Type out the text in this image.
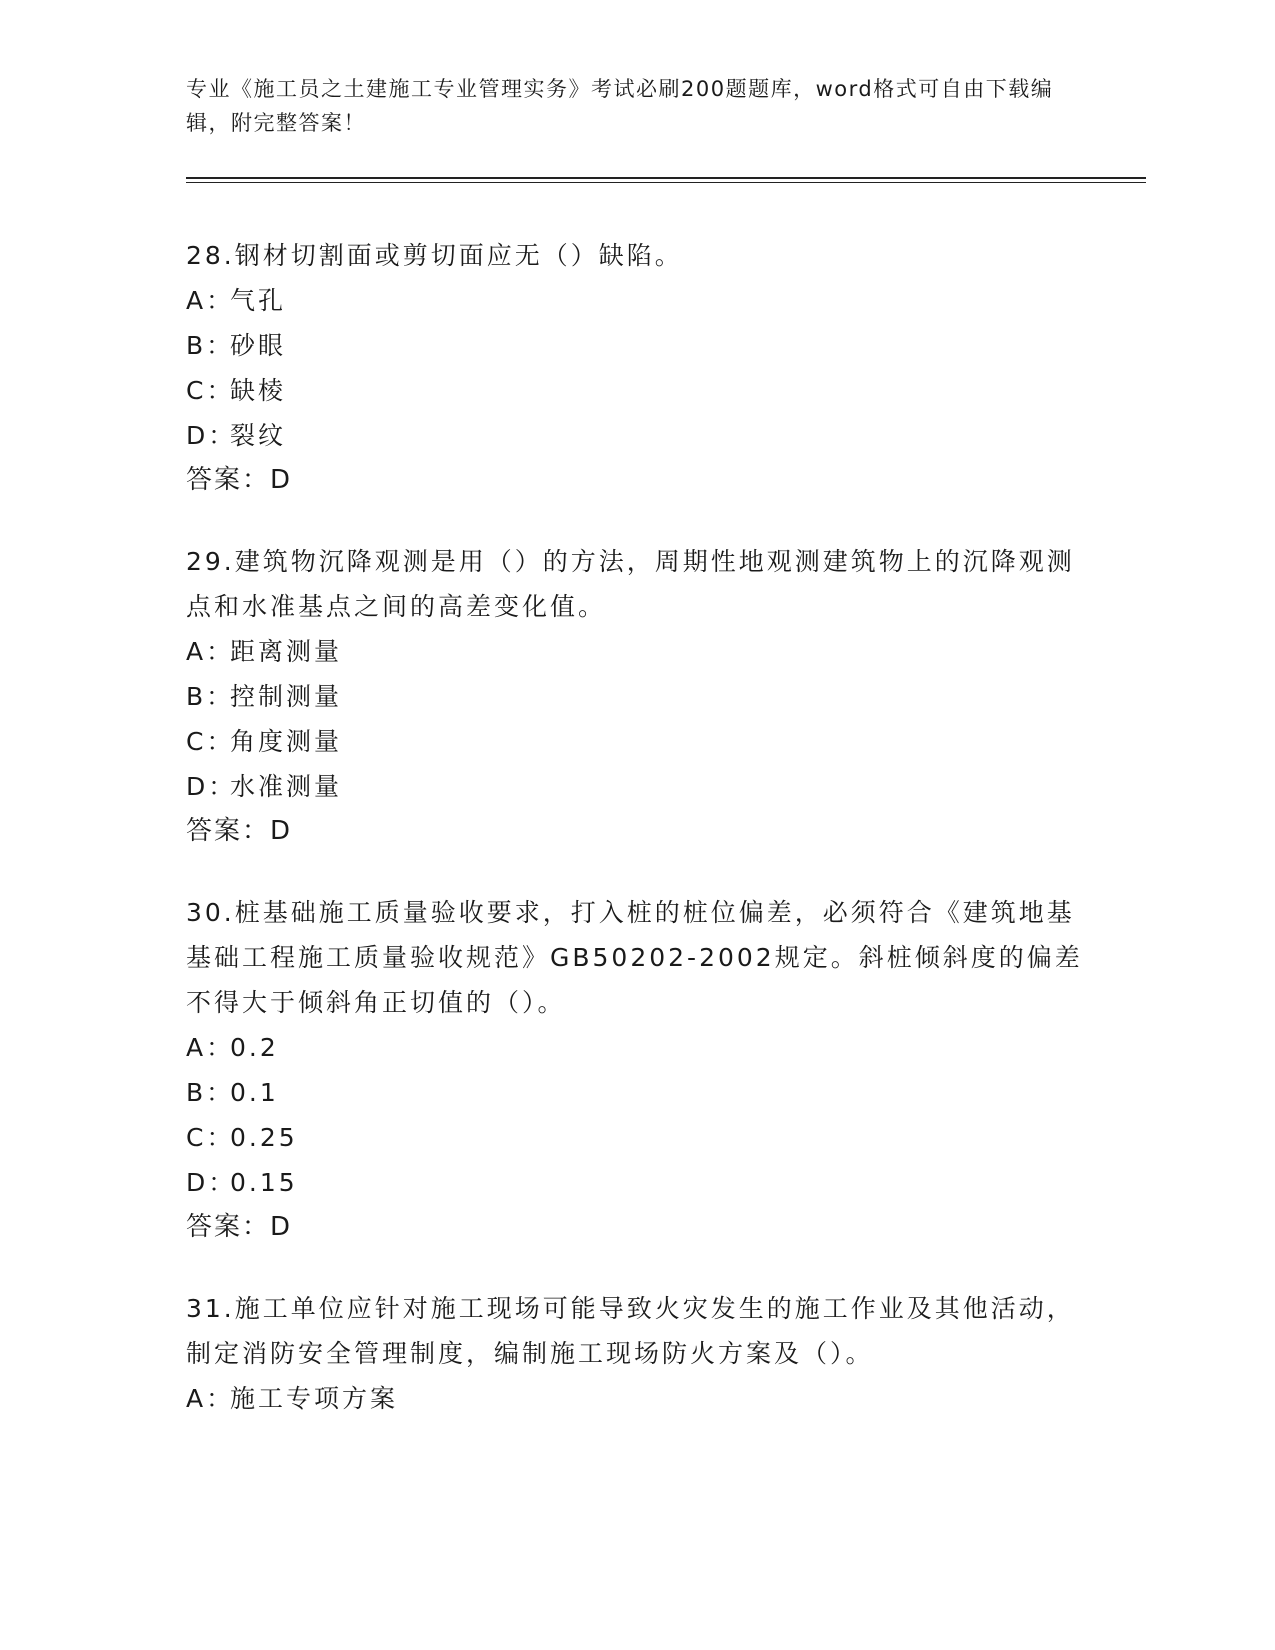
专业《施工员之土建施工专业管理实务》考试必刷200题题库，word格式可自由下载编辑，附完整答案！
28.钢材切割面或剪切面应无（）缺陷。
A：气孔
B：砂眼
C：缺棱
D：裂纹
答案：D
29.建筑物沉降观测是用（）的方法，周期性地观测建筑物上的沉降观测点和水准基点之间的高差变化值。
A：距离测量
B：控制测量
C：角度测量
D：水准测量
答案：D
30.桩基础施工质量验收要求，打入桩的桩位偏差，必须符合《建筑地基基础工程施工质量验收规范》GB50202-2002规定。斜桩倾斜度的偏差不得大于倾斜角正切值的（）。
A：0.2
B：0.1
C：0.25
D：0.15
答案：D
31.施工单位应针对施工现场可能导致火灾发生的施工作业及其他活动，制定消防安全管理制度，编制施工现场防火方案及（）。
A：施工专项方案
